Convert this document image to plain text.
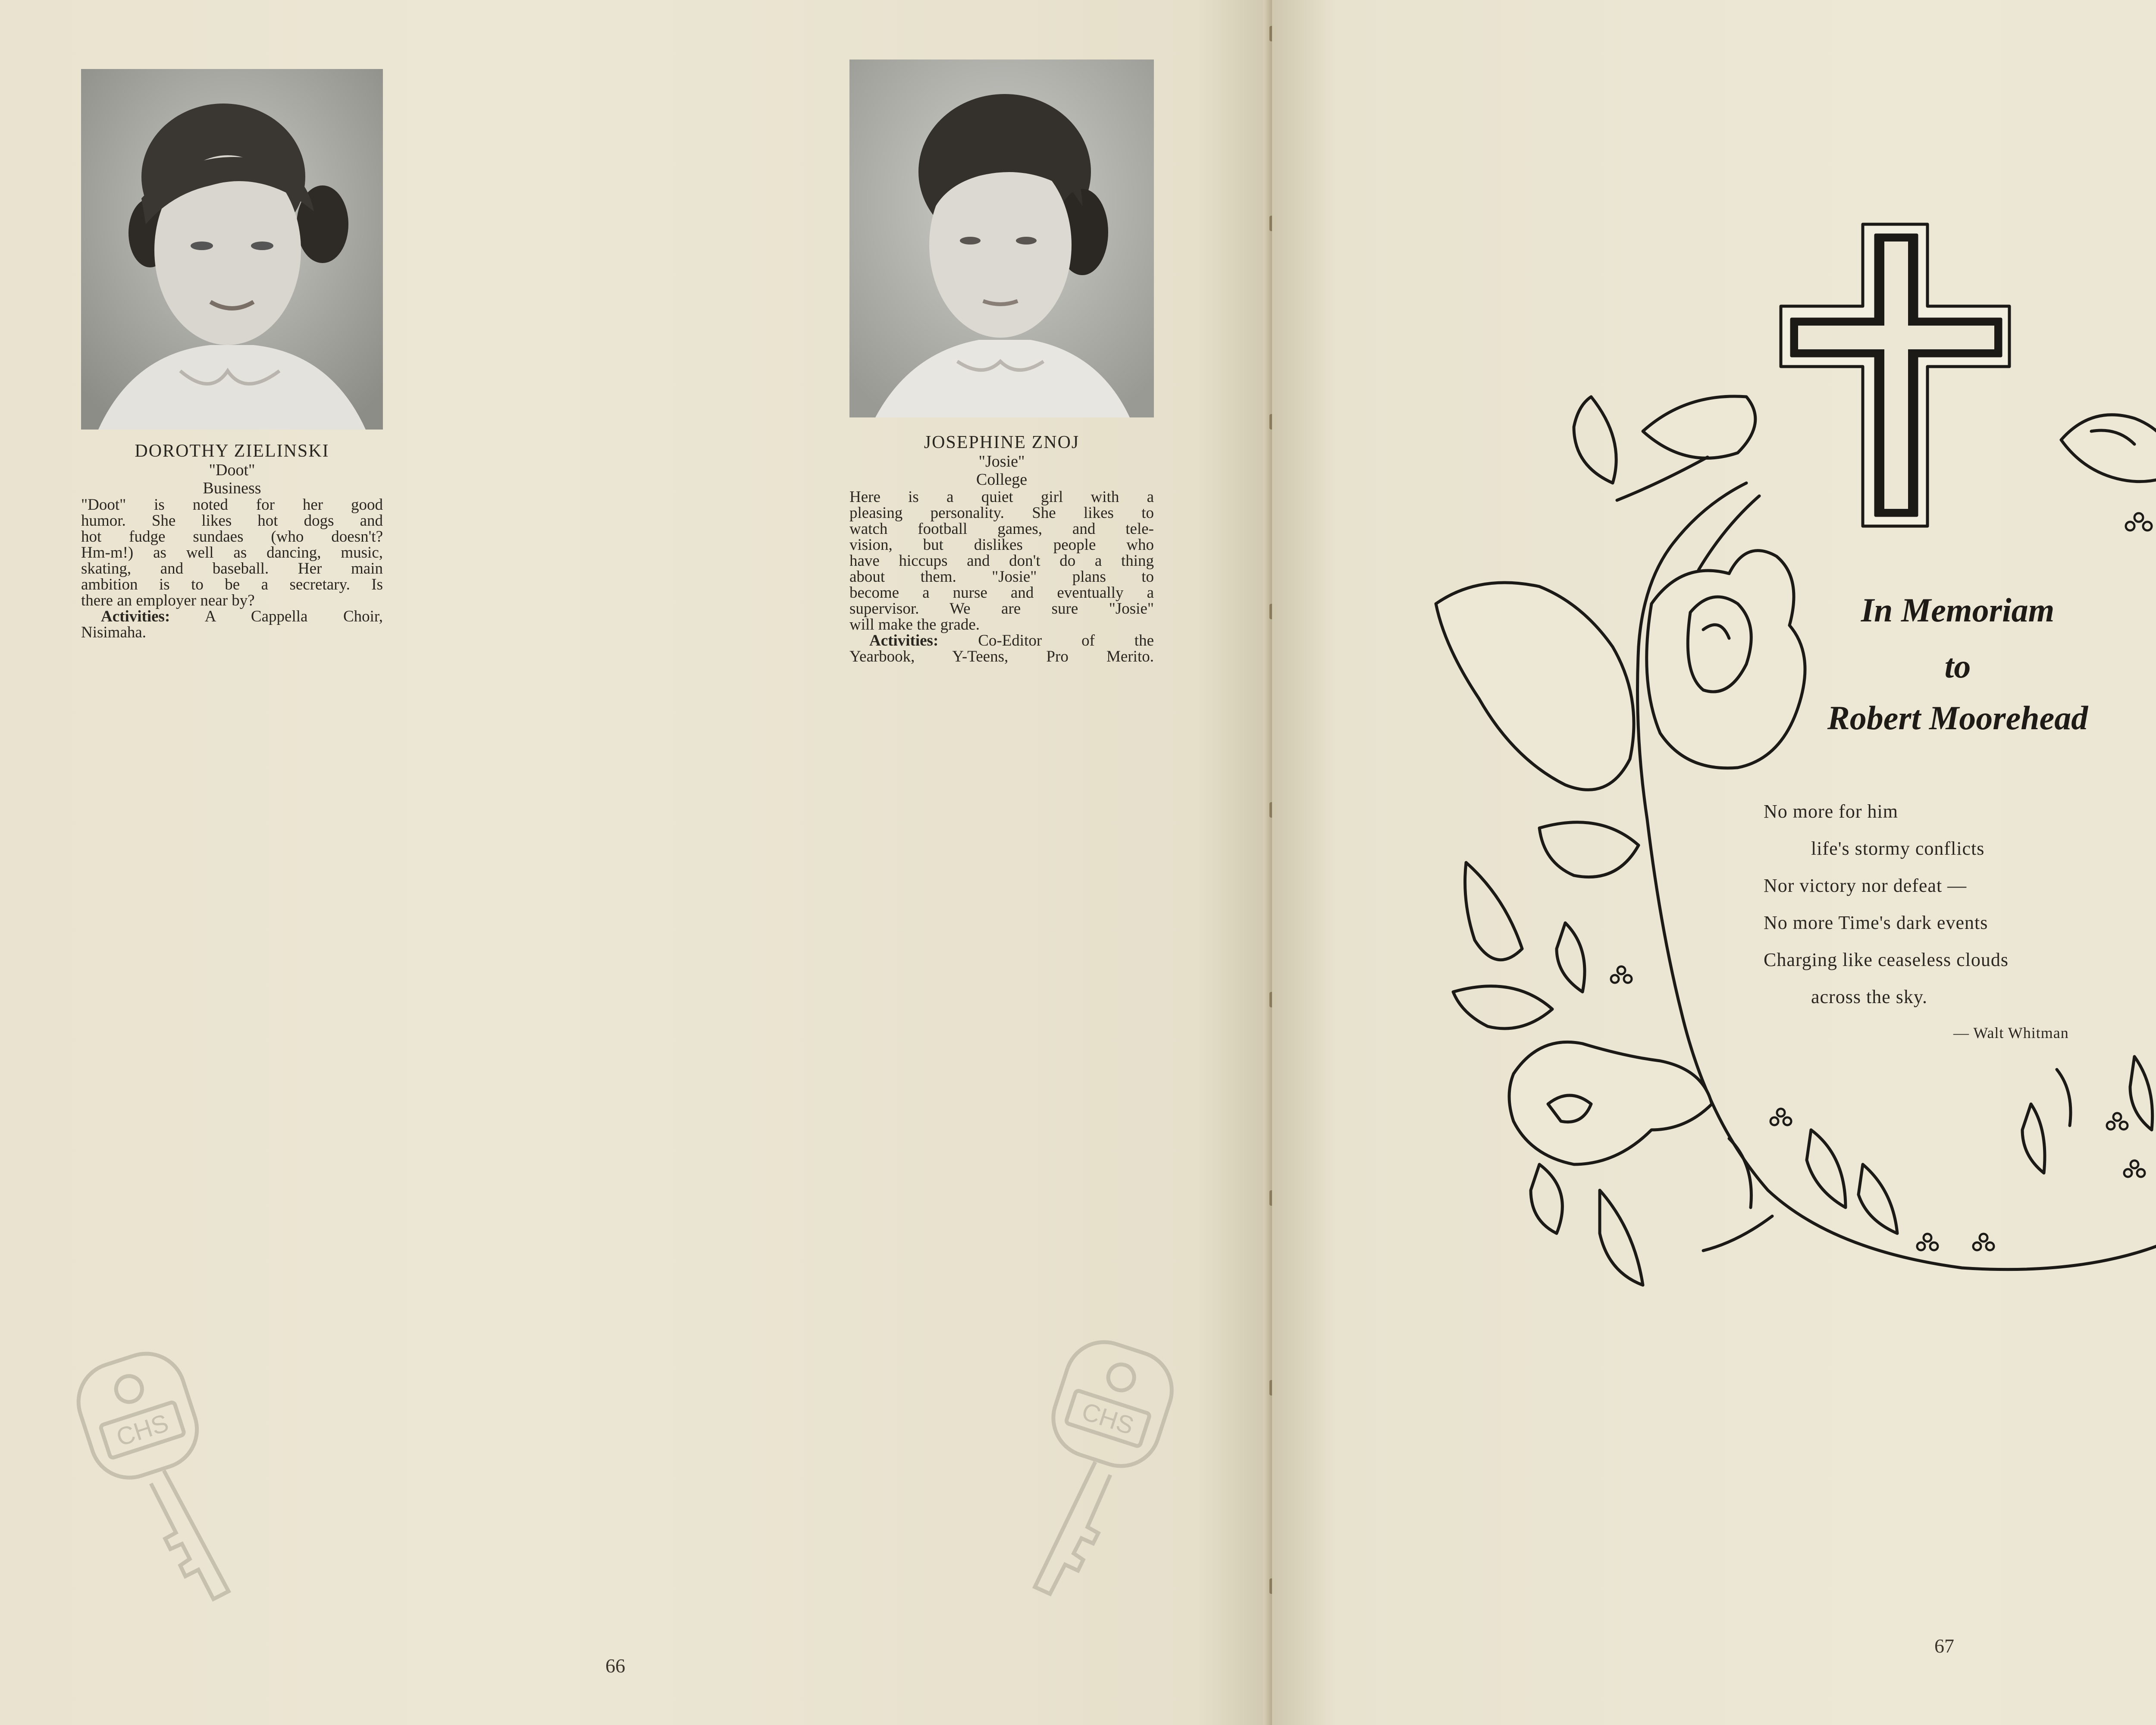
DOROTHY ZIELINSKI
"Doot"
Business
"Doot" is noted for her good
humor. She likes hot dogs and
hot fudge sundaes (who doesn't?
Hm-m!) as well as dancing, music,
skating, and baseball. Her main
ambition is to be a secretary. Is
there an employer near by?
Activities: A Cappella Choir,
Nisimaha.
JOSEPHINE ZNOJ
"Josie"
College
Here is a quiet girl with a
pleasing personality. She likes to
watch football games, and tele-
vision, but dislikes people who
have hiccups and don't do a thing
about them. "Josie" plans to
become a nurse and eventually a
supervisor. We are sure "Josie"
will make the grade.
Activities: Co-Editor of the
Yearbook, Y-Teens, Pro Merito.
CHS	CHS
66
In Memoriam
to
Robert Moorehead
No more for him
life's stormy conflicts
Nor victory nor defeat —
No more Time's dark events
Charging like ceaseless clouds
across the sky.
— Walt Whitman
67
